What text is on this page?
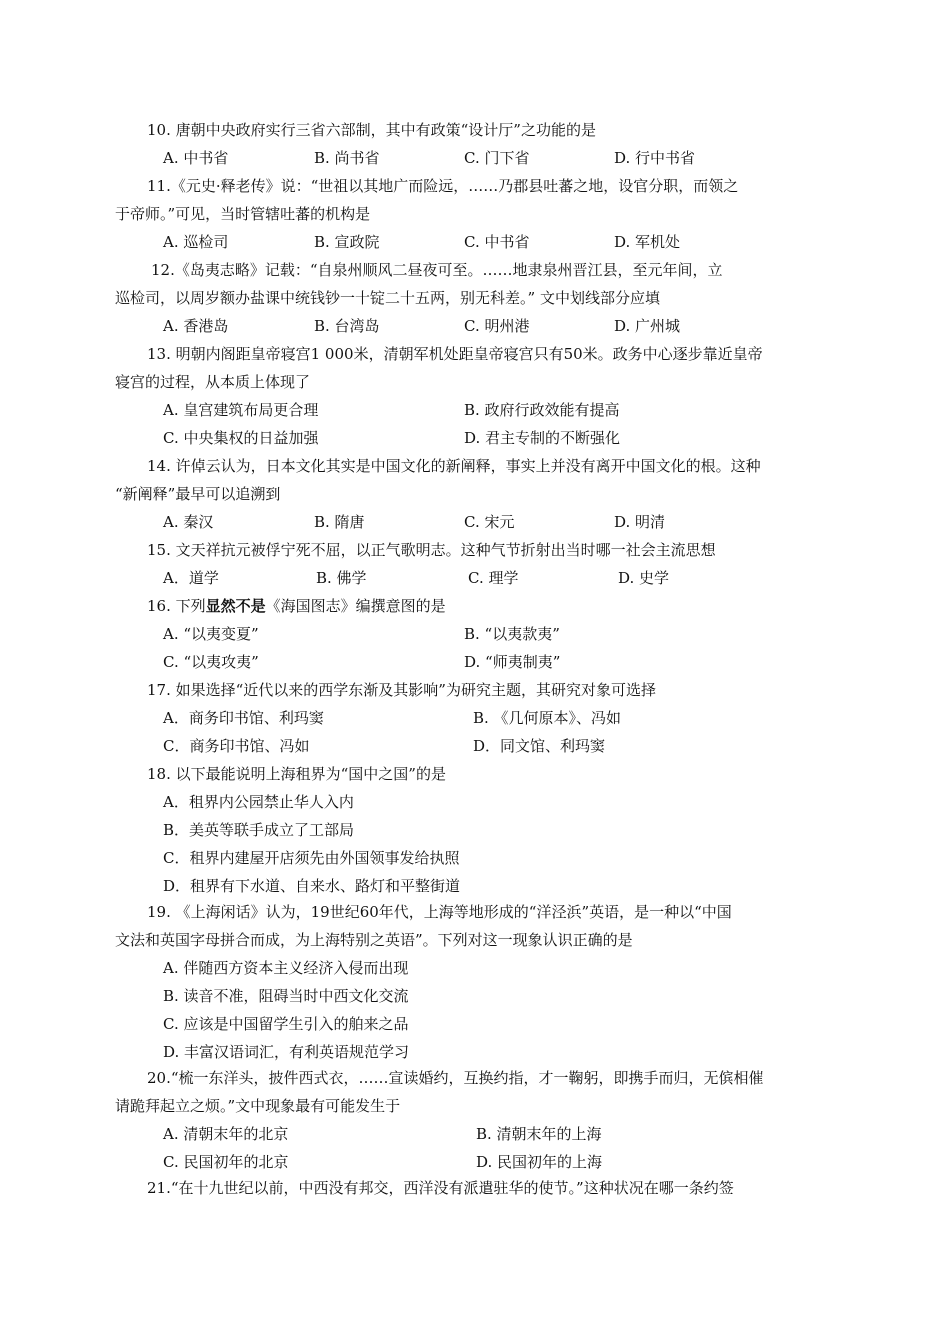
10. 唐朝中央政府实行三省六部制，其中有政策“设计厅”之功能的是
A. 中书省	B. 尚书省	C. 门下省	D. 行中书省
11.《元史·释老传》说：“世祖以其地广而险远，……乃郡县吐蕃之地，设官分职，而领之
于帝师。”可见，当时管辖吐蕃的机构是
A. 巡检司	B. 宣政院	C. 中书省	D. 军机处
12.《岛夷志略》记载：“自泉州顺风二昼夜可至。……地隶泉州晋江县，至元年间，立
巡检司，以周岁额办盐课中统钱钞一十锭二十五两，别无科差。” 文中划线部分应填
A. 香港岛	B. 台湾岛	C. 明州港	D. 广州城
13. 明朝内阁距皇帝寝宫1 000米，清朝军机处距皇帝寝宫只有50米。政务中心逐步靠近皇帝
寝宫的过程，从本质上体现了
A. 皇宫建筑布局更合理	B. 政府行政效能有提高
C. 中央集权的日益加强	D. 君主专制的不断强化
14. 许倬云认为，日本文化其实是中国文化的新阐释，事实上并没有离开中国文化的根。这种
“新阐释”最早可以追溯到
A. 秦汉	B. 隋唐	C. 宋元	D. 明清
15. 文天祥抗元被俘宁死不屈，以正气歌明志。这种气节折射出当时哪一社会主流思想
A．道学	B. 佛学	C. 理学	D. 史学
16. 下列显然不是《海国图志》编撰意图的是
A. “以夷变夏”	B. “以夷款夷”
C. “以夷攻夷”	D. “师夷制夷”
17. 如果选择“近代以来的西学东渐及其影响”为研究主题，其研究对象可选择
A．商务印书馆、利玛窦	B. 《几何原本》、冯如
C．商务印书馆、冯如	D．同文馆、利玛窦
18. 以下最能说明上海租界为“国中之国”的是
A．租界内公园禁止华人入内
B．美英等联手成立了工部局
C．租界内建屋开店须先由外国领事发给执照
D．租界有下水道、自来水、路灯和平整街道
19. 《上海闲话》认为，19世纪60年代，上海等地形成的“洋泾浜”英语，是一种以“中国
文法和英国字母拼合而成，为上海特别之英语”。下列对这一现象认识正确的是
A. 伴随西方资本主义经济入侵而出现
B. 读音不准，阻碍当时中西文化交流
C. 应该是中国留学生引入的舶来之品
D. 丰富汉语词汇，有利英语规范学习
20.“梳一东洋头，披件西式衣，……宣读婚约，互换约指，才一鞠躬，即携手而归，无傧相催
请跪拜起立之烦。”文中现象最有可能发生于
A. 清朝末年的北京	B. 清朝末年的上海
C. 民国初年的北京	D. 民国初年的上海
21.“在十九世纪以前，中西没有邦交，西洋没有派遣驻华的使节。”这种状况在哪一条约签
